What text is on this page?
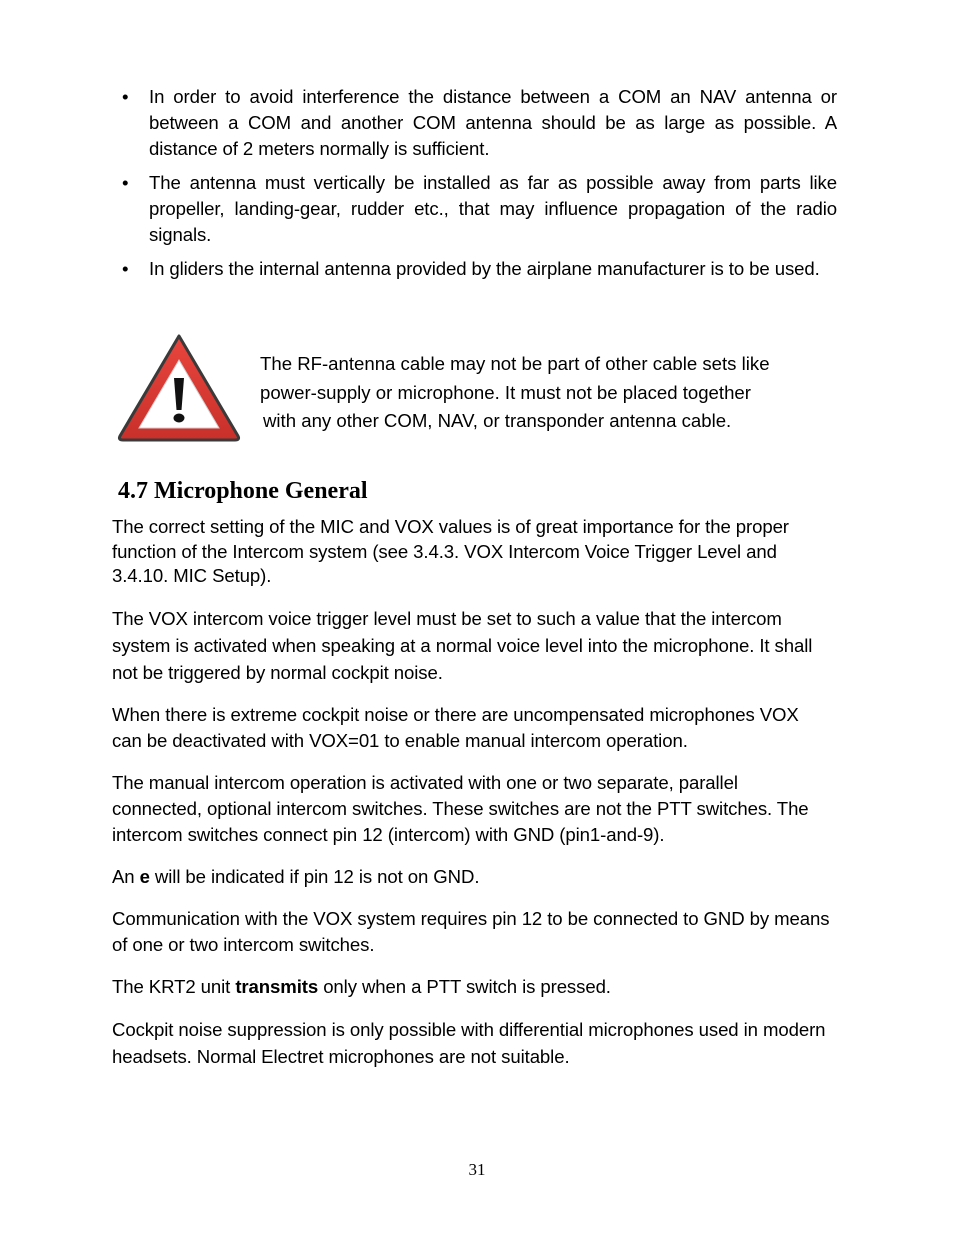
• In order to avoid interference the distance between a COM an NAV antenna or between a COM and another COM antenna should be as large as possible. A distance of 2 meters normally is sufficient.
• The antenna must vertically be installed as far as possible away from parts like propeller, landing-gear, rudder etc., that may influence propagation of the radio signals.
• In gliders the internal antenna provided by the airplane manufacturer is to be used.
The RF-antenna cable may not be part of other cable sets like
power-supply or microphone. It must not be placed together
with any other COM, NAV, or transponder antenna cable.
4.7 Microphone General

The correct setting of the MIC and VOX values is of great importance for the proper function of the Intercom system (see 3.4.3. VOX Intercom Voice Trigger Level and 3.4.10. MIC Setup).

The VOX intercom voice trigger level must be set to such a value that the intercom system is activated when speaking at a normal voice level into the microphone. It shall not be triggered by normal cockpit noise.

When there is extreme cockpit noise or there are uncompensated microphones VOX can be deactivated with VOX=01 to enable manual intercom operation.

The manual intercom operation is activated with one or two separate, parallel connected, optional intercom switches. These switches are not the PTT switches. The intercom switches connect pin 12 (intercom) with GND (pin1-and-9).

An e will be indicated if pin 12 is not on GND.

Communication with the VOX system requires pin 12 to be connected to GND by means of one or two intercom switches.

The KRT2 unit transmits only when a PTT switch is pressed.

Cockpit noise suppression is only possible with differential microphones used in modern headsets. Normal Electret microphones are not suitable.

31
